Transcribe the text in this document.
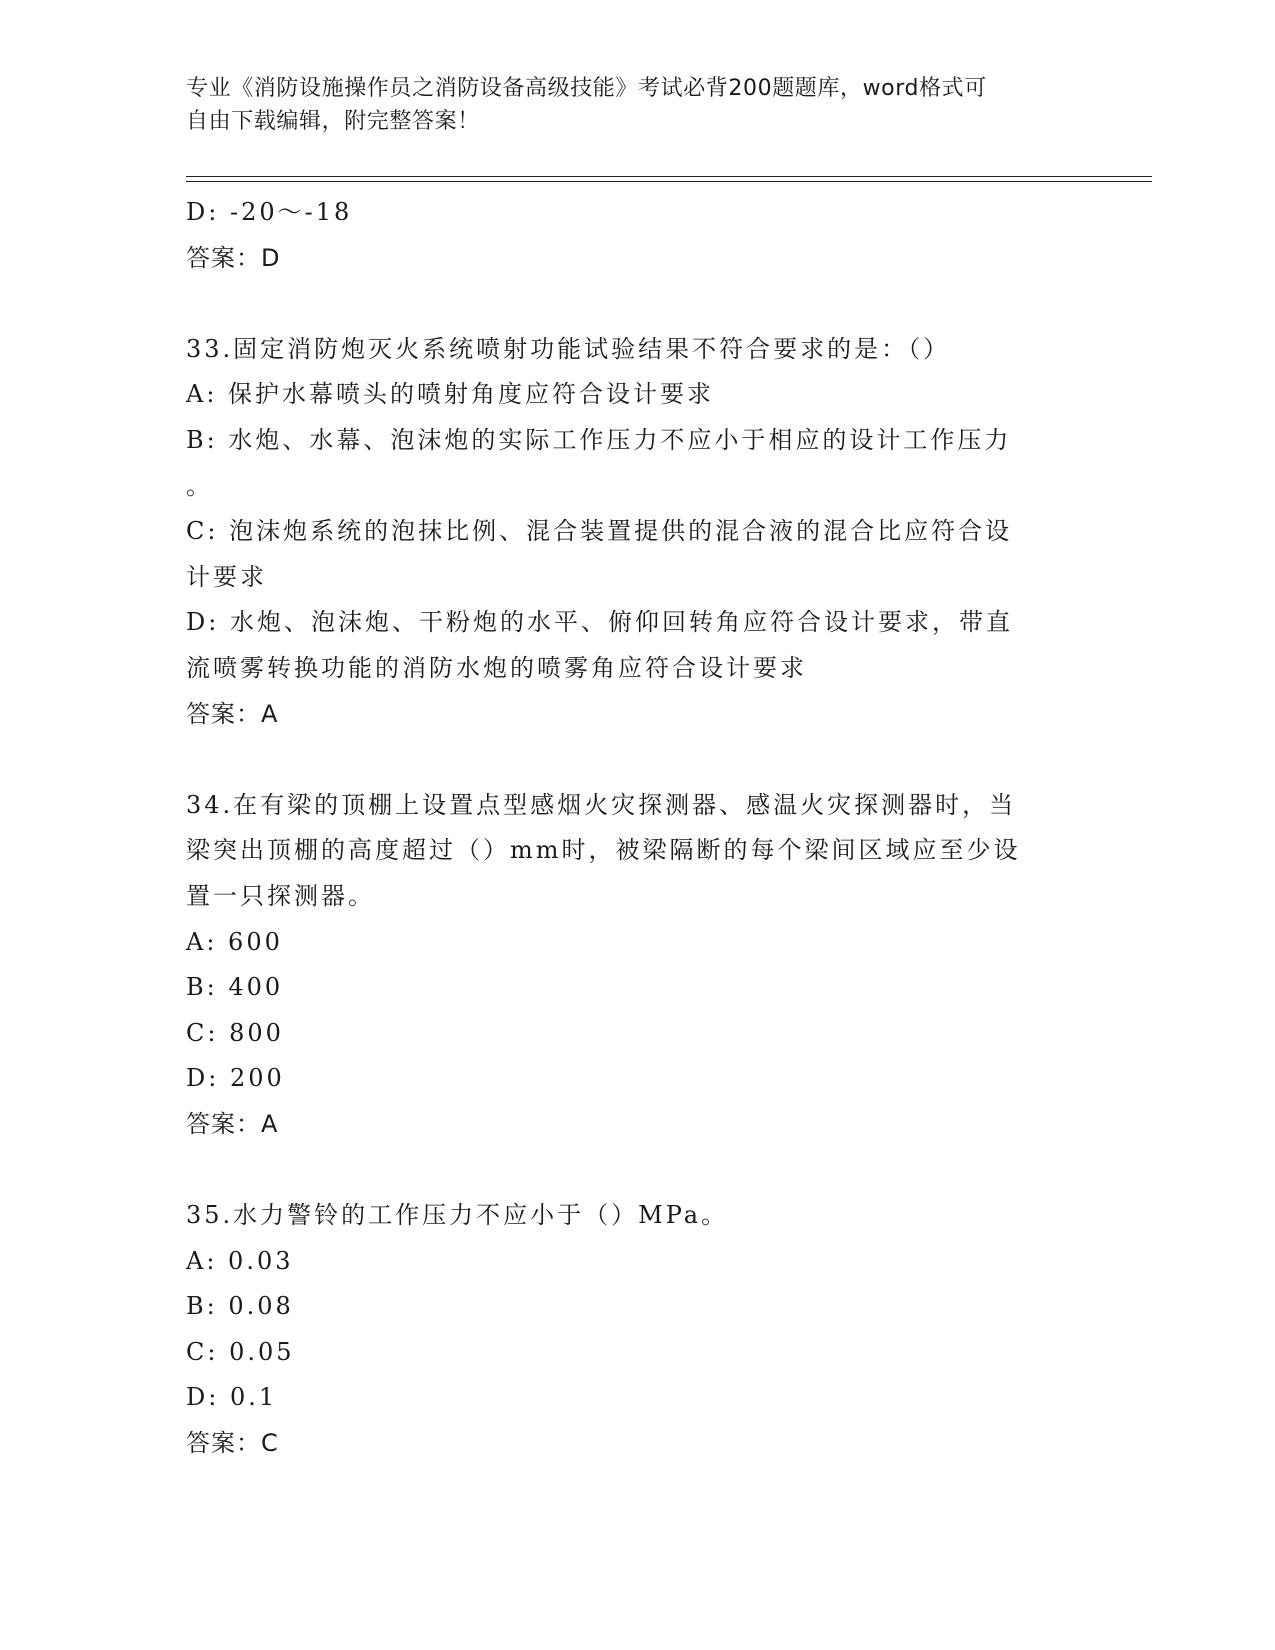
专业《消防设施操作员之消防设备高级技能》考试必背200题题库，word格式可
自由下载编辑，附完整答案！
D: -20～-18
答案：D
33.固定消防炮灭火系统喷射功能试验结果不符合要求的是：（）
A: 保护水幕喷头的喷射角度应符合设计要求
B: 水炮、水幕、泡沫炮的实际工作压力不应小于相应的设计工作压力
。
C: 泡沫炮系统的泡抹比例、混合装置提供的混合液的混合比应符合设
计要求
D: 水炮、泡沫炮、干粉炮的水平、俯仰回转角应符合设计要求，带直
流喷雾转换功能的消防水炮的喷雾角应符合设计要求
答案：A
34.在有梁的顶棚上设置点型感烟火灾探测器、感温火灾探测器时，当
梁突出顶棚的高度超过（）mm时，被梁隔断的每个梁间区域应至少设
置一只探测器。
A: 600
B: 400
C: 800
D: 200
答案：A
35.水力警铃的工作压力不应小于（）MPa。
A: 0.03
B: 0.08
C: 0.05
D: 0.1
答案：C
